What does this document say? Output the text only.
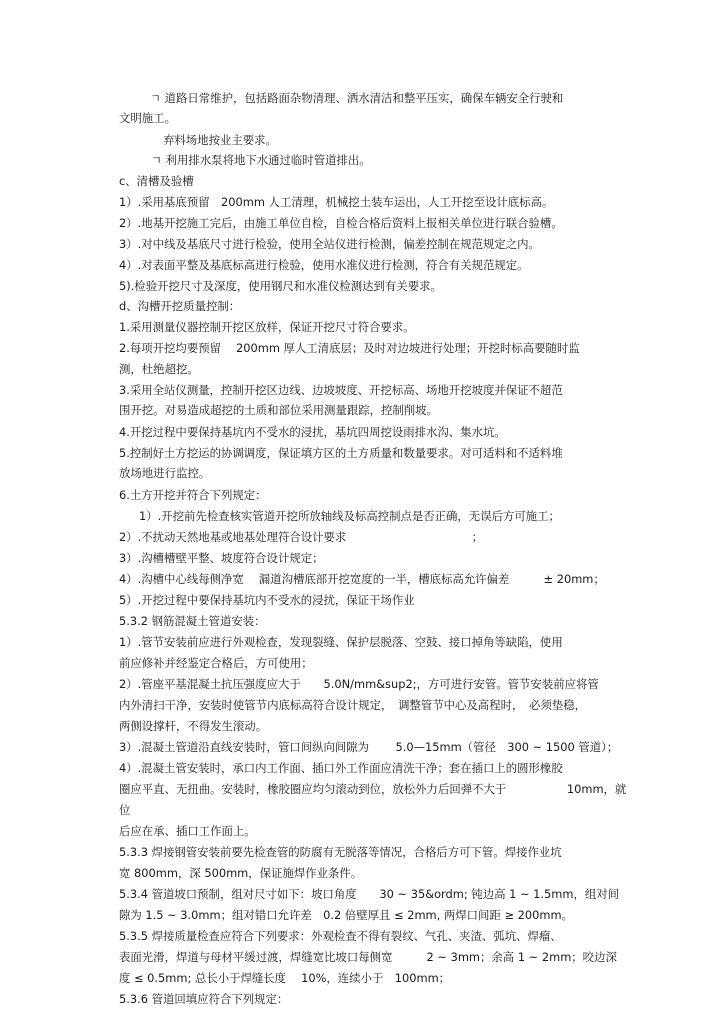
ㄱ 道路日常维护，包括路面杂物清理、洒水清洁和整平压实，确保车辆安全行驶和
文明施工。
弃料场地按业主要求。
ㄱ 利用排水泵将地下水通过临时管道排出。
c、清槽及验槽
1）.采用基底预留　200mm 人工清理，机械挖土装车运出，人工开挖至设计底标高。
2）.地基开挖施工完后，由施工单位自检，自检合格后资料上报相关单位进行联合验槽。
3）.对中线及基底尺寸进行检验，使用全站仪进行检测，偏差控制在规范规定之内。
4）.对表面平整及基底标高进行检验，使用水准仪进行检测，符合有关规范规定。
5).检验开挖尺寸及深度，使用钢尺和水准仪检测达到有关要求。
d、沟槽开挖质量控制：
1.采用测量仪器控制开挖区放样，保证开挖尺寸符合要求。
2.每项开挖均要预留　 200mm 厚人工清底层；及时对边坡进行处理；开挖时标高要随时监
测，杜绝超挖。
3.采用全站仪测量，控制开挖区边线、边坡坡度、开挖标高、场地开挖坡度并保证不超范
围开挖。对易造成超挖的土质和部位采用测量跟踪，控制削坡。
4.开挖过程中要保持基坑内不受水的浸扰，基坑四周挖设雨排水沟、集水坑。
5.控制好土方挖运的协调调度，保证填方区的土方质量和数量要求。对可适料和不适料堆
放场地进行监控。
6.土方开挖并符合下列规定：
1）.开挖前先检查核实管道开挖所放轴线及标高控制点是否正确，无误后方可施工；
2）.不扰动天然地基或地基处理符合设计要求　　　　　　　　　　　；
3）.沟槽槽壁平整、坡度符合设计规定；
4）.沟槽中心线每侧净宽　 漏道沟槽底部开挖宽度的一半，槽底标高允许偏差　　　± 20mm；
5）.开挖过程中要保持基坑内不受水的浸扰，保证干场作业
5.3.2 钢筋混凝土管道安装：
1）.管节安装前应进行外观检查，发现裂缝、保护层脱落、空鼓、接口掉角等缺陷，使用
前应修补并经鉴定合格后，方可使用；
2）.管座平基混凝土抗压强度应大于　　5.0N/mm&sup2;，方可进行安管。管节安装前应将管
内外清扫干净，安装时使管节内底标高符合设计规定，　调整管节中心及高程时，　必须垫稳，
两侧设撑杆，不得发生滚动。
3）.混凝土管道沿直线安装时，管口间纵向间隙为　　 5.0—15mm（管径　300 ~ 1500 管道）；
4）.混凝土管安装时，承口内工作面、插口外工作面应清洗干净；套在插口上的圆形橡胶
圈应平直、无扭曲。安装时，橡胶圈应均匀滚动到位，放松外力后回弹不大于　　　　　 10mm，就
位
后应在承、插口工作面上。
5.3.3 焊接钢管安装前要先检查管的防腐有无脱落等情况，合格后方可下管。焊接作业坑
宽 800mm，深 500mm，保证施焊作业条件。
5.3.4 管道坡口预制，组对尺寸如下：坡口角度　　30 ~ 35&ordm; 钝边高 1 ~ 1.5mm，组对间
隙为 1.5 ~ 3.0mm；组对错口允许差　0.2 倍壁厚且 ≤ 2mm, 两焊口间距 ≥ 200mm。
5.3.5 焊接质量检查应符合下列要求：外观检查不得有裂纹、气孔、夹渣、弧坑、焊瘤、
表面光滑，焊道与母材平缓过渡，焊缝宽比坡口每侧宽　　　2 ~ 3mm；余高 1 ~ 2mm；咬边深
度 ≤ 0.5mm; 总长小于焊缝长度　 10%，连续小于　100mm；
5.3.6 管道回填应符合下列规定：
